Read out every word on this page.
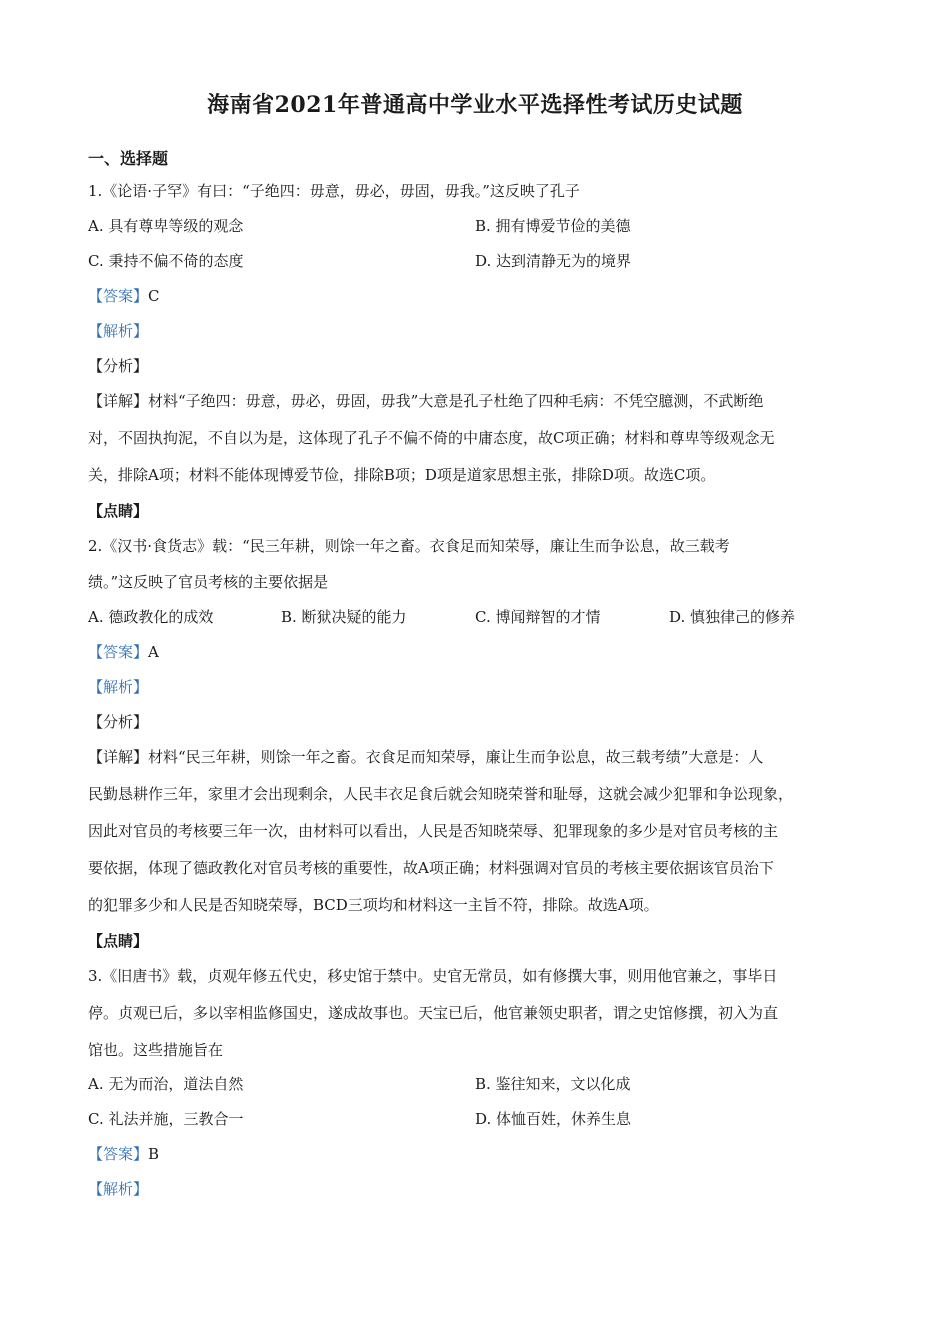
海南省2021年普通高中学业水平选择性考试历史试题
一、选择题
1.《论语·子罕》有曰：“子绝四：毋意，毋必，毋固，毋我。”这反映了孔子
A. 具有尊卑等级的观念	B. 拥有博爱节俭的美德
C. 秉持不偏不倚的态度	D. 达到清静无为的境界
【答案】C
【解析】
【分析】
【详解】材料“子绝四：毋意，毋必，毋固，毋我”大意是孔子杜绝了四种毛病：不凭空臆测，不武断绝
对，不固执拘泥，不自以为是，这体现了孔子不偏不倚的中庸态度，故C项正确；材料和尊卑等级观念无
关，排除A项；材料不能体现博爱节俭，排除B项；D项是道家思想主张，排除D项。故选C项。
【点睛】
2.《汉书·食货志》载：“民三年耕，则馀一年之畜。衣食足而知荣辱，廉让生而争讼息，故三载考
绩。”这反映了官员考核的主要依据是
A. 德政教化的成效	B. 断狱决疑的能力	C. 博闻辩智的才情	D. 慎独律己的修养
【答案】A
【解析】
【分析】
【详解】材料“民三年耕，则馀一年之畜。衣食足而知荣辱，廉让生而争讼息，故三载考绩”大意是：人
民勤恳耕作三年，家里才会出现剩余，人民丰衣足食后就会知晓荣誉和耻辱，这就会减少犯罪和争讼现象，
因此对官员的考核要三年一次，由材料可以看出，人民是否知晓荣辱、犯罪现象的多少是对官员考核的主
要依据，体现了德政教化对官员考核的重要性，故A项正确；材料强调对官员的考核主要依据该官员治下
的犯罪多少和人民是否知晓荣辱，BCD三项均和材料这一主旨不符，排除。故选A项。
【点睛】
3.《旧唐书》载，贞观年修五代史，移史馆于禁中。史官无常员，如有修撰大事，则用他官兼之，事毕日
停。贞观已后，多以宰相监修国史，遂成故事也。天宝已后，他官兼领史职者，谓之史馆修撰，初入为直
馆也。这些措施旨在
A. 无为而治，道法自然	B. 鉴往知来，文以化成
C. 礼法并施，三教合一	D. 体恤百姓，休养生息
【答案】B
【解析】
